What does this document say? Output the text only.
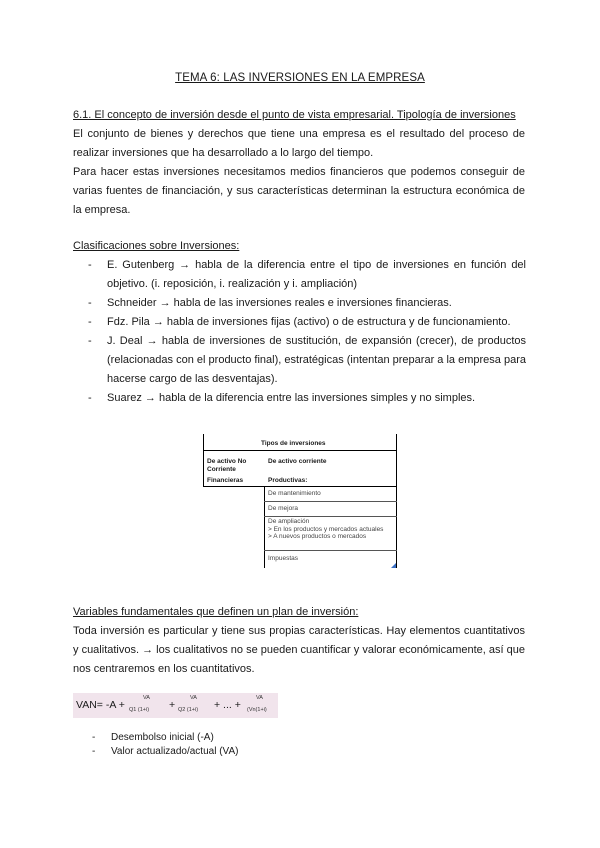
TEMA 6: LAS INVERSIONES EN LA EMPRESA
6.1. El concepto de inversión desde el punto de vista empresarial. Tipología de inversiones
El conjunto de bienes y derechos que tiene una empresa es el resultado del proceso de realizar inversiones que ha desarrollado a lo largo del tiempo.
Para hacer estas inversiones necesitamos medios financieros que podemos conseguir de varias fuentes de financiación, y sus características determinan la estructura económica de la empresa.
Clasificaciones sobre Inversiones:
- E. Gutenberg → habla de la diferencia entre el tipo de inversiones en función del objetivo. (i. reposición, i. realización y i. ampliación)
- Schneider → habla de las inversiones reales e inversiones financieras.
- Fdz. Pila → habla de inversiones fijas (activo) o de estructura y de funcionamiento.
- J. Deal → habla de inversiones de sustitución, de expansión (crecer), de productos (relacionadas con el producto final), estratégicas (intentan preparar a la empresa para hacerse cargo de las desventajas).
- Suarez → habla de la diferencia entre las inversiones simples y no simples.
Tipos de inversiones
De activo No Corriente
De activo corriente
Financieras	Productivas:
De mantenimiento
De mejora
De ampliación
> En los productos y mercados actuales
> A nuevos productos o mercados
Impuestas
Variables fundamentales que definen un plan de inversión:
Toda inversión es particular y tiene sus propias características. Hay elementos cuantitativos y cualitativos. → los cualitativos no se pueden cuantificar y valorar económicamente, así que nos centraremos en los cuantitativos.
VAN= -A +
VA
Q1 (1+i) +
VA
Q2 (1+i) + ... +
VA
(Vn(1+i)
- Desembolso inicial (-A)
- Valor actualizado/actual (VA)
